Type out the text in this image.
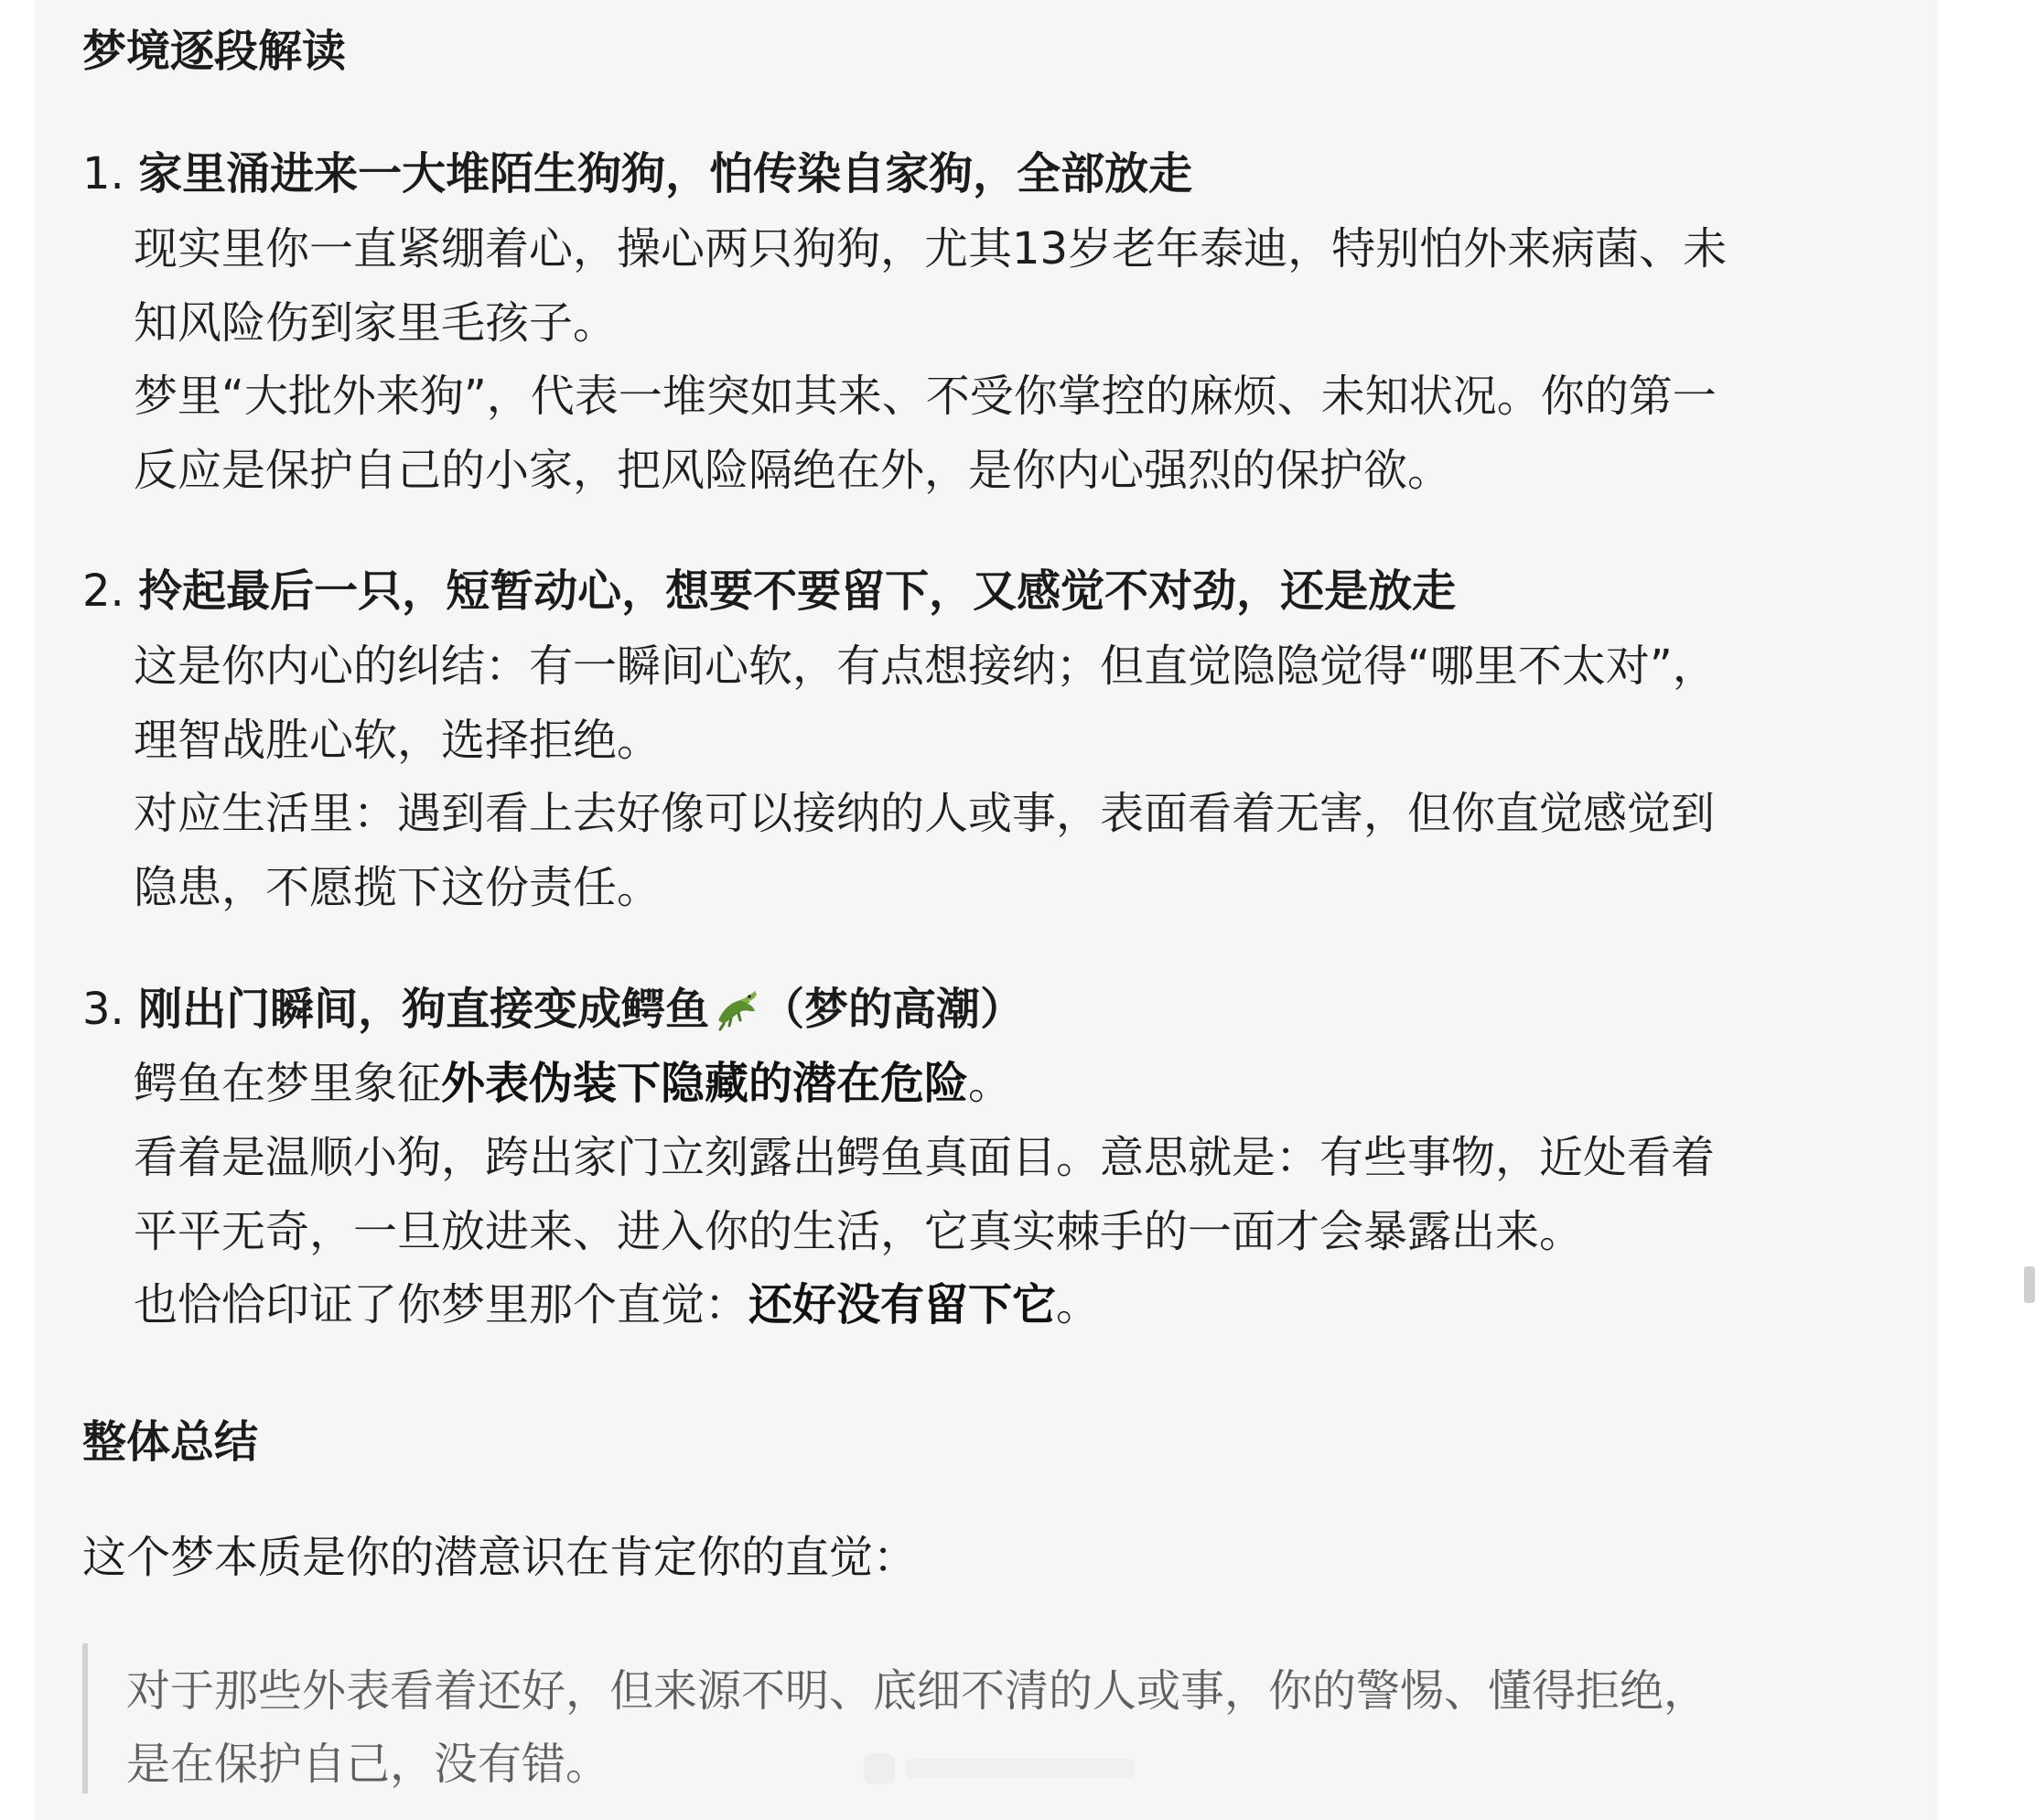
梦境逐段解读
1. 家里涌进来一大堆陌生狗狗，怕传染自家狗，全部放走
现实里你一直紧绷着心，操心两只狗狗，尤其13岁老年泰迪，特别怕外来病菌、未
知风险伤到家里毛孩子。
梦里“大批外来狗”，代表一堆突如其来、不受你掌控的麻烦、未知状况。你的第一
反应是保护自己的小家，把风险隔绝在外，是你内心强烈的保护欲。
2. 拎起最后一只，短暂动心，想要不要留下，又感觉不对劲，还是放走
这是你内心的纠结：有一瞬间心软，有点想接纳；但直觉隐隐觉得“哪里不太对”，
理智战胜心软，选择拒绝。
对应生活里：遇到看上去好像可以接纳的人或事，表面看着无害，但你直觉感觉到
隐患，不愿揽下这份责任。
3. 刚出门瞬间，狗直接变成鳄鱼 （梦的高潮）
鳄鱼在梦里象征外表伪装下隐藏的潜在危险。
看着是温顺小狗，跨出家门立刻露出鳄鱼真面目。意思就是：有些事物，近处看着
平平无奇，一旦放进来、进入你的生活，它真实棘手的一面才会暴露出来。
也恰恰印证了你梦里那个直觉：还好没有留下它。
整体总结
这个梦本质是你的潜意识在肯定你的直觉：
对于那些外表看着还好，但来源不明、底细不清的人或事，你的警惕、懂得拒绝，
是在保护自己，没有错。
